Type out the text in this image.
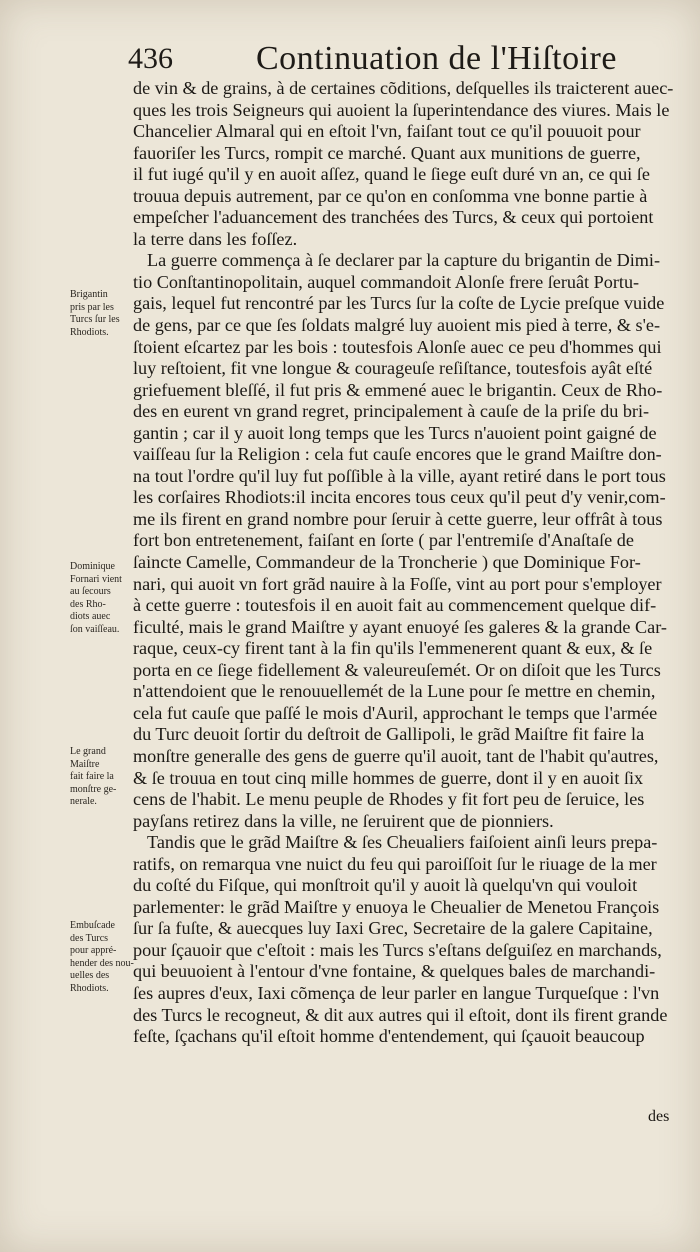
436 Continuation de l'Hiſtoire
Brigantin
pris par les
Turcs ſur les
Rhodiots.
Dominique
Fornari vient
au ſecours
des Rho-
diots auec
ſon vaiſſeau.
Le grand
Maiſtre
fait faire la
monſtre ge-
nerale.
Embuſcade
des Turcs
pour appré-
hender des nou-
uelles des
Rhodiots.
de vin & de grains, à de certaines cõditions, deſquelles ils traicterent auec-
ques les trois Seigneurs qui auoient la ſuperintendance des viures. Mais le
Chancelier Almaral qui en eſtoit l'vn, faiſant tout ce qu'il pouuoit pour
fauoriſer les Turcs, rompit ce marché. Quant aux munitions de guerre,
il fut iugé qu'il y en auoit aſſez, quand le ſiege euſt duré vn an, ce qui ſe
trouua depuis autrement, par ce qu'on en conſomma vne bonne partie à
empeſcher l'aduancement des tranchées des Turcs, & ceux qui portoient
la terre dans les foſſez.
La guerre commença à ſe declarer par la capture du brigantin de Dimi-
tio Conſtantinopolitain, auquel commandoit Alonſe frere ſeruât Portu-
gais, lequel fut rencontré par les Turcs ſur la coſte de Lycie preſque vuide
de gens, par ce que ſes ſoldats malgré luy auoient mis pied à terre, & s'e-
ſtoient eſcartez par les bois : toutesfois Alonſe auec ce peu d'hommes qui
luy reſtoient, fit vne longue & courageuſe reſiſtance, toutesfois ayât eſté
griefuement bleſſé, il fut pris & emmené auec le brigantin. Ceux de Rho-
des en eurent vn grand regret, principalement à cauſe de la priſe du bri-
gantin ; car il y auoit long temps que les Turcs n'auoient point gaigné de
vaiſſeau ſur la Religion : cela fut cauſe encores que le grand Maiſtre don-
na tout l'ordre qu'il luy fut poſſible à la ville, ayant retiré dans le port tous
les corſaires Rhodiots:il incita encores tous ceux qu'il peut d'y venir,com-
me ils firent en grand nombre pour ſeruir à cette guerre, leur offrât à tous
fort bon entretenement, faiſant en ſorte ( par l'entremiſe d'Anaſtaſe de
ſaincte Camelle, Commandeur de la Troncherie ) que Dominique For-
nari, qui auoit vn fort grãd nauire à la Foſſe, vint au port pour s'employer
à cette guerre : toutesfois il en auoit fait au commencement quelque dif-
ficulté, mais le grand Maiſtre y ayant enuoyé ſes galeres & la grande Car-
raque, ceux-cy firent tant à la fin qu'ils l'emmenerent quant & eux, & ſe
porta en ce ſiege fidellement & valeureuſemét. Or on diſoit que les Turcs
n'attendoient que le renouuellemét de la Lune pour ſe mettre en chemin,
cela fut cauſe que paſſé le mois d'Auril, approchant le temps que l'armée
du Turc deuoit ſortir du deſtroit de Gallipoli, le grãd Maiſtre fit faire la
monſtre generalle des gens de guerre qu'il auoit, tant de l'habit qu'autres,
& ſe trouua en tout cinq mille hommes de guerre, dont il y en auoit ſix
cens de l'habit. Le menu peuple de Rhodes y fit fort peu de ſeruice, les
payſans retirez dans la ville, ne ſeruirent que de pionniers.
Tandis que le grãd Maiſtre & ſes Cheualiers faiſoient ainſi leurs prepa-
ratifs, on remarqua vne nuict du feu qui paroiſſoit ſur le riuage de la mer
du coſté du Fiſque, qui monſtroit qu'il y auoit là quelqu'vn qui vouloit
parlementer: le grãd Maiſtre y enuoya le Cheualier de Menetou François
ſur ſa fuſte, & auecques luy Iaxi Grec, Secretaire de la galere Capitaine,
pour ſçauoir que c'eſtoit : mais les Turcs s'eſtans deſguiſez en marchands,
qui beuuoient à l'entour d'vne fontaine, & quelques bales de marchandi-
ſes aupres d'eux, Iaxi cõmença de leur parler en langue Turqueſque : l'vn
des Turcs le recogneut, & dit aux autres qui il eſtoit, dont ils firent grande
feſte, ſçachans qu'il eſtoit homme d'entendement, qui ſçauoit beaucoup
des
